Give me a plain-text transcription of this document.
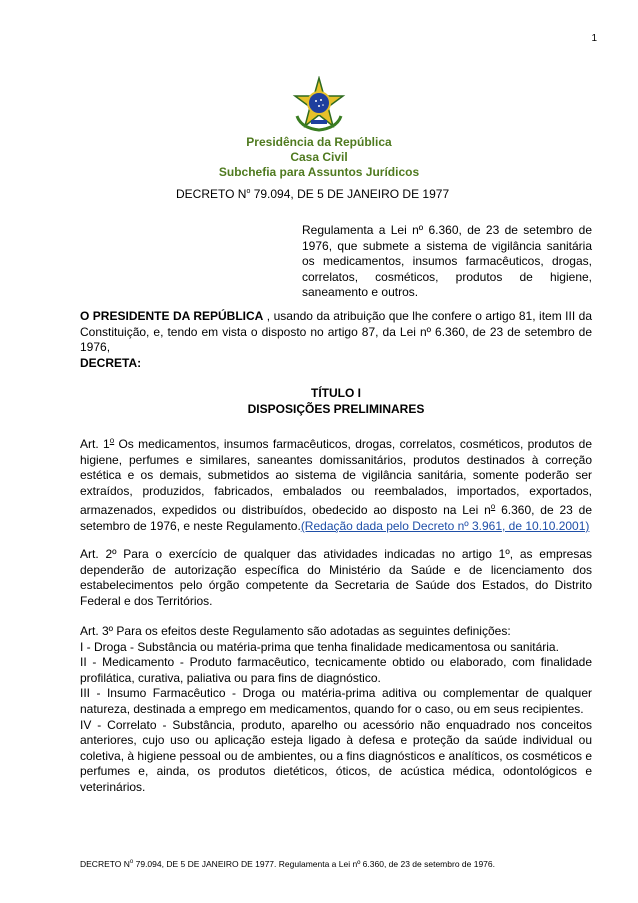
1
Presidência da República
Casa Civil
Subchefia para Assuntos Jurídicos
DECRETO $N^o$ 79.094, DE 5 DE JANEIRO DE 1977
Regulamenta a Lei nº 6.360, de 23 de setembro de 1976, que submete a sistema de vigilância sanitária os medicamentos, insumos farmacêuticos, drogas, correlatos, cosméticos, produtos de higiene, saneamento e outros.
O PRESIDENTE DA REPÚBLICA , usando da atribuição que lhe confere o artigo 81, item III da Constituição, e, tendo em vista o disposto no artigo 87, da Lei nº 6.360, de 23 de setembro de 1976,
DECRETA:
TÍTULO I
DISPOSIÇÕES PRELIMINARES
Art. 1$^o$ Os medicamentos, insumos farmacêuticos, drogas, correlatos, cosméticos, produtos de higiene, perfumes e similares, saneantes domissanitários, produtos destinados à correção estética e os demais, submetidos ao sistema de vigilância sanitária, somente poderão ser extraídos, produzidos, fabricados, embalados ou reembalados, importados, exportados, armazenados, expedidos ou distribuídos, obedecido ao disposto na Lei $n^o$ 6.360, de 23 de setembro de 1976, e neste Regulamento.(Redação dada pelo Decreto nº 3.961, de 10.10.2001)
Art. 2º Para o exercício de qualquer das atividades indicadas no artigo 1º, as empresas dependerão de autorização específica do Ministério da Saúde e de licenciamento dos estabelecimentos pelo órgão competente da Secretaria de Saúde dos Estados, do Distrito Federal e dos Territórios.
Art. 3º Para os efeitos deste Regulamento são adotadas as seguintes definições:
I - Droga - Substância ou matéria-prima que tenha finalidade medicamentosa ou sanitária.
II - Medicamento - Produto farmacêutico, tecnicamente obtido ou elaborado, com finalidade profilática, curativa, paliativa ou para fins de diagnóstico.
III - Insumo Farmacêutico - Droga ou matéria-prima aditiva ou complementar de qualquer natureza, destinada a emprego em medicamentos, quando for o caso, ou em seus recipientes.
IV - Correlato - Substância, produto, aparelho ou acessório não enquadrado nos conceitos anteriores, cujo uso ou aplicação esteja ligado à defesa e proteção da saúde individual ou coletiva, à higiene pessoal ou de ambientes, ou a fins diagnósticos e analíticos, os cosméticos e perfumes e, ainda, os produtos dietéticos, óticos, de acústica médica, odontológicos e veterinários.
DECRETO $N^o$ 79.094, DE 5 DE JANEIRO DE 1977. Regulamenta a Lei nº 6.360, de 23 de setembro de 1976.
